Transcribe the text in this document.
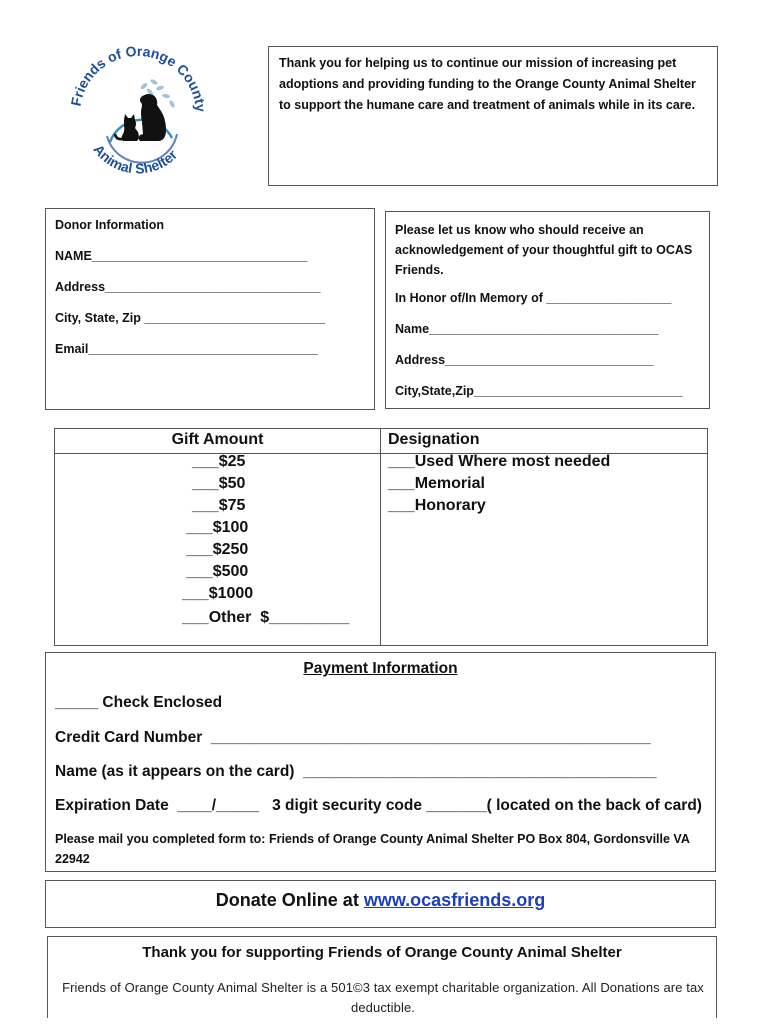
Friends of Orange County
Animal Shelter
Thank you for helping us to continue our mission of increasing pet adoptions and providing funding to the Orange County Animal Shelter to support the humane care and treatment of animals while in its care.
Donor Information
NAME_______________________________
Address_______________________________
City, State, Zip __________________________
Email_________________________________
Please let us know who should receive an acknowledgement of your thoughtful gift to OCAS Friends.
In Honor of/In Memory of __________________
Name_________________________________
Address______________________________
City,State,Zip______________________________
Gift Amount	Designation
___$25
___$50
___$75
___$100
___$250
___$500
___$1000
___Other  $_________
___Used Where most needed
___Memorial
___Honorary
Payment Information
_____ Check Enclosed
Credit Card Number  ___________________________________________________
Name (as it appears on the card)  _________________________________________
Expiration Date  ____/_____   3 digit security code _______( located on the back of card)
Please mail you completed form to: Friends of Orange County Animal Shelter PO Box 804, Gordonsville VA 22942
Donate Online at www.ocasfriends.org
Thank you for supporting Friends of Orange County Animal Shelter
Friends of Orange County Animal Shelter is a 501©3 tax exempt charitable organization. All Donations are tax deductible.
